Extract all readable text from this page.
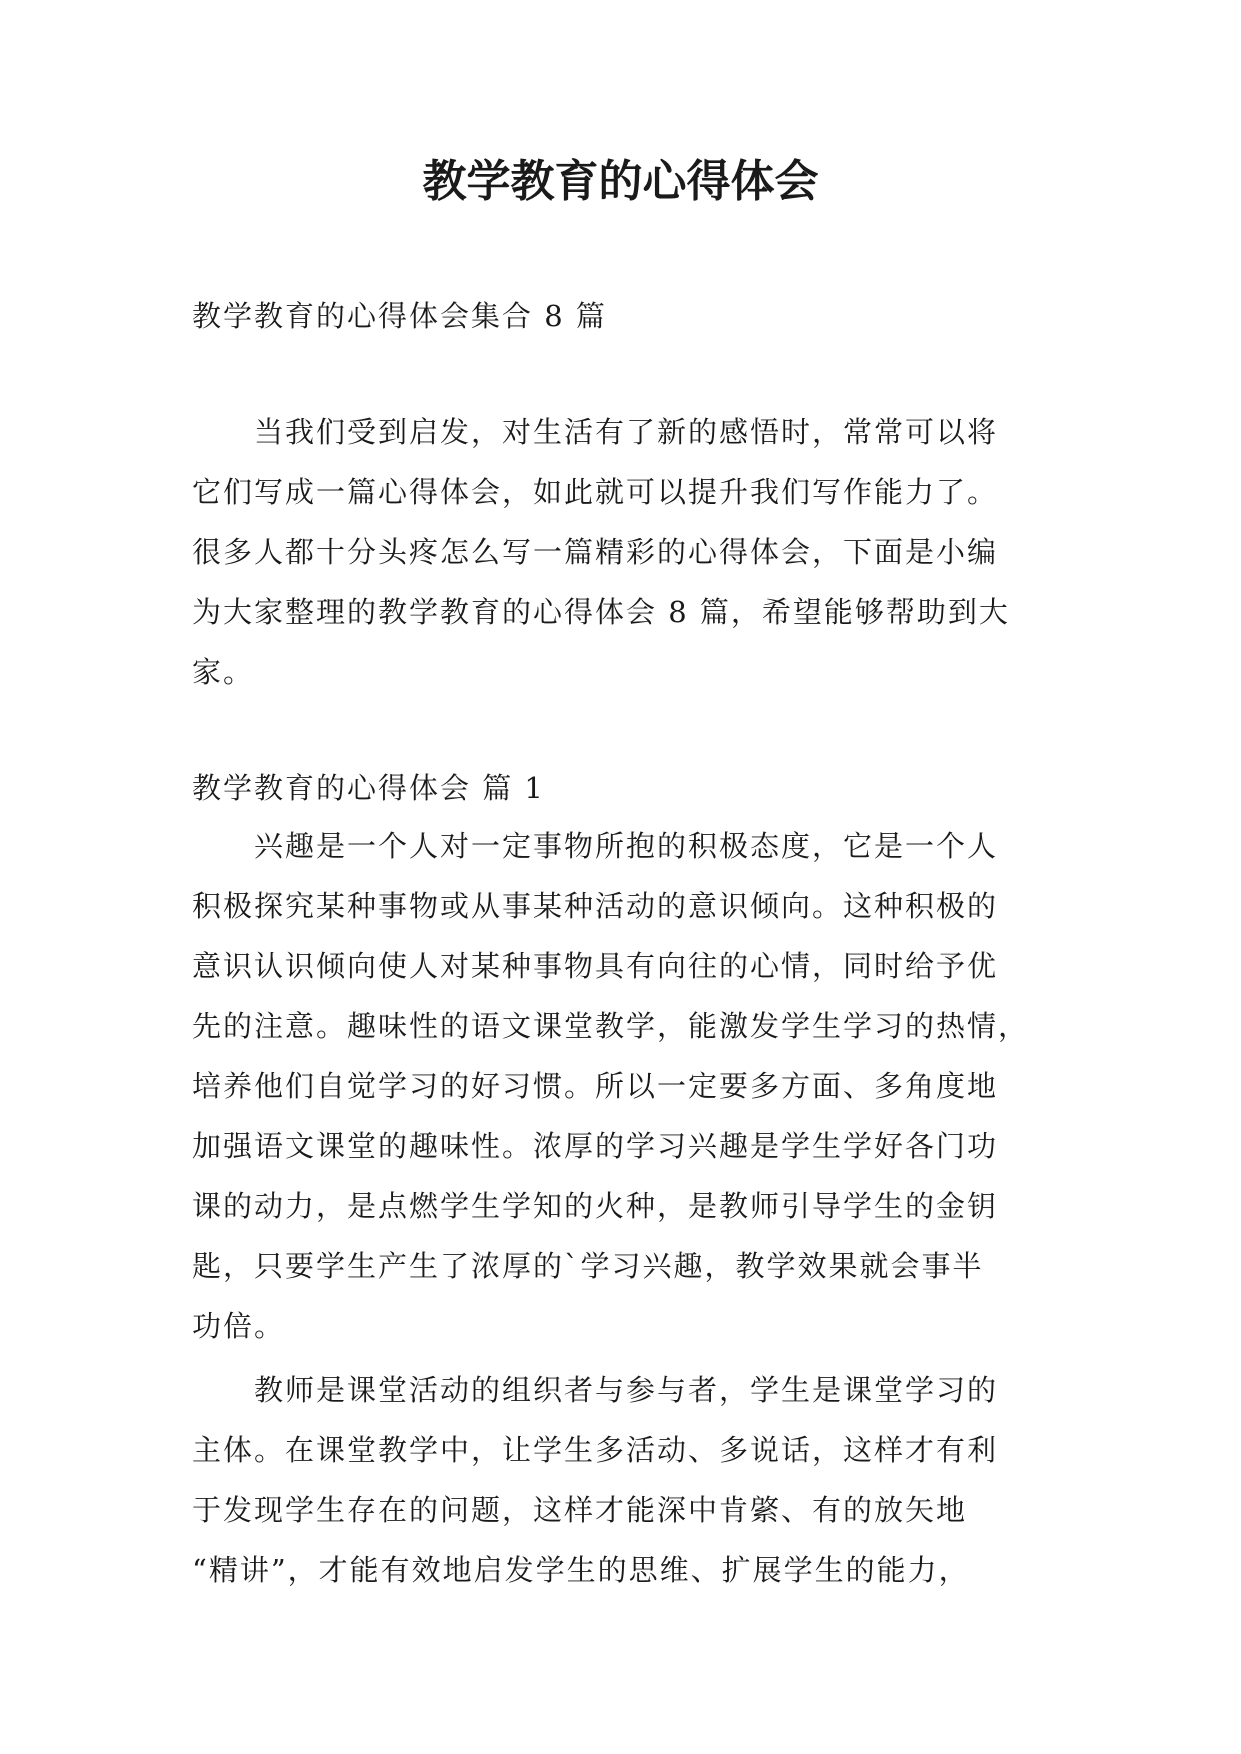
教学教育的心得体会
教学教育的心得体会集合 8 篇
当我们受到启发，对生活有了新的感悟时，常常可以将
它们写成一篇心得体会，如此就可以提升我们写作能力了。
很多人都十分头疼怎么写一篇精彩的心得体会，下面是小编
为大家整理的教学教育的心得体会 8 篇，希望能够帮助到大
家。
教学教育的心得体会 篇 1
兴趣是一个人对一定事物所抱的积极态度，它是一个人
积极探究某种事物或从事某种活动的意识倾向。这种积极的
意识认识倾向使人对某种事物具有向往的心情，同时给予优
先的注意。趣味性的语文课堂教学，能激发学生学习的热情，
培养他们自觉学习的好习惯。所以一定要多方面、多角度地
加强语文课堂的趣味性。浓厚的学习兴趣是学生学好各门功
课的动力，是点燃学生学知的火种，是教师引导学生的金钥
匙，只要学生产生了浓厚的`学习兴趣，教学效果就会事半
功倍。
教师是课堂活动的组织者与参与者，学生是课堂学习的
主体。在课堂教学中，让学生多活动、多说话，这样才有利
于发现学生存在的问题，这样才能深中肯綮、有的放矢地
“精讲”，才能有效地启发学生的思维、扩展学生的能力，
